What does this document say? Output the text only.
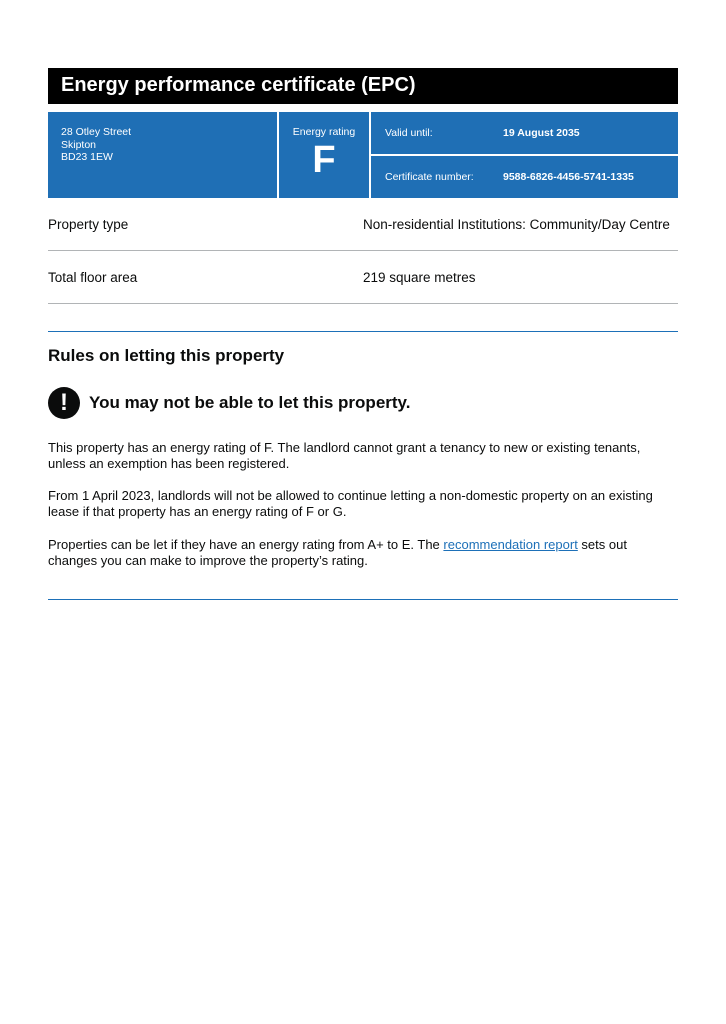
Energy performance certificate (EPC)
28 Otley Street
Skipton
BD23 1EW
Energy rating
F
Valid until:	19 August 2035
Certificate number:	9588-6826-4456-5741-1335
Property type	Non-residential Institutions: Community/Day Centre
Total floor area	219 square metres
Rules on letting this property
!	You may not be able to let this property.

This property has an energy rating of F. The landlord cannot grant a tenancy to new or existing tenants, unless an exemption has been registered.

From 1 April 2023, landlords will not be allowed to continue letting a non-domestic property on an existing lease if that property has an energy rating of F or G.

Properties can be let if they have an energy rating from A+ to E. The recommendation report sets out changes you can make to improve the property’s rating.
